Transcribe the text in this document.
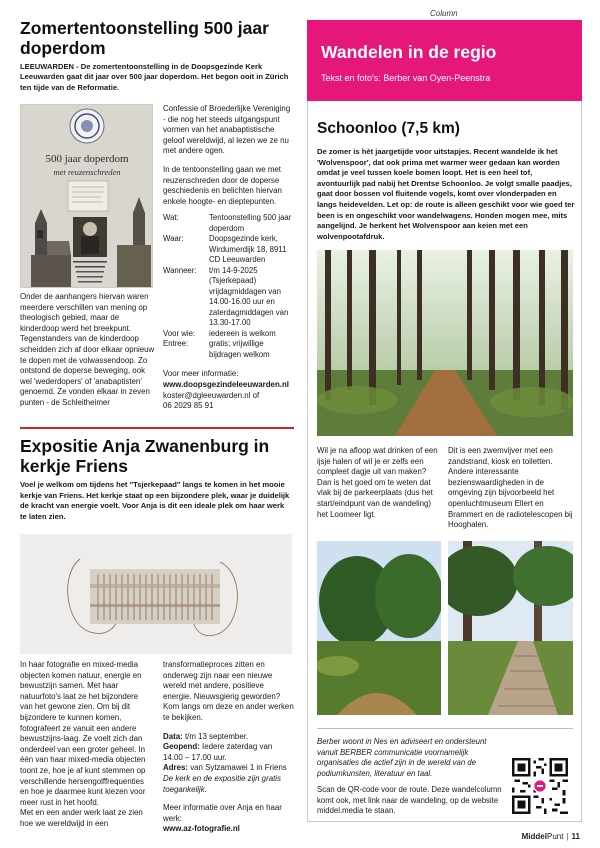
Column
Zomertentoonstelling 500 jaar doperdom
LEEUWARDEN - De zomertentoonstelling in de Doopsgezinde Kerk Leeuwarden gaat dit jaar over 500 jaar doperdom. Het begon ooit in Zürich ten tijde van de Reformatie.
500 jaar doperdom
met reuzenschreden

Onder de aanhangers hiervan waren meerdere verschillen van mening op theologisch gebied, maar de kinderdoop werd het breekpunt. Tegenstanders van de kinderdoop scheidden zich af door elkaar opnieuw te dopen met de volwassendoop. Zo ontstond de doperse beweging, ook wel 'wederdopers' of 'anabaptisten' genoemd. Ze vonden elkaar in zeven punten - de Schleitheimer

Confessie of Broederlijke Vereniging - die nog het steeds uitgangspunt vormen van het anabaptistische geloof wereldwijd, al lezen we ze nu met andere ogen.

In de tentoonstelling gaan we met reuzenschreden door de doperse geschiedenis en belichten hiervan enkele hoogte- en dieptepunten.

Wat:	Tentoonstelling 500 jaar doperdom
Waar:	Doopsgezinde kerk, Wirdumerdijk 18, 8911 CD Leeuwarden
Wanneer:	t/m 14-9-2025 (Tsjerkepaad) vrijdagmiddagen van 14.00-16.00 uur en zaterdagmiddagen van 13.30-17.00
Voor wie:	iedereen is welkom
Entree:	gratis; vrijwillige bijdragen welkom

Voor meer informatie:

www.doopsgezindeleeuwarden.nl

koster@dgleeuwarden.nl of

06 2029 85 91

Expositie Anja Zwanenburg in kerkje Friens
Voel je welkom om tijdens het "Tsjerkepaad" langs te komen in het mooie kerkje van Friens. Het kerkje staat op een bijzondere plek, waar je duidelijk de kracht van energie voelt. Voor Anja is dit een ideale plek om haar werk te laten zien.

In haar fotografie en mixed-media objecten komen natuur, energie en bewustzijn samen. Met haar natuurfoto's laat ze het bijzondere van het gewone zien. Om bij dit bijzondere te kunnen komen, fotografeert ze vanuit een andere bewustzijns-laag. Ze voelt zich dan onderdeel van een groter geheel. In één van haar mixed-media objecten toont ze, hoe je af kunt stemmen op verschillende hersengolffrequenties en hoe je daarmee kunt kiezen voor meer rust in het hoofd.

Met en een ander werk laat ze zien hoe we wereldwijd in een

transformatieproces zitten en onderweg zijn naar een nieuwe wereld met andere, positieve energie. Nieuwsgierig geworden? Kom langs om deze en ander werken te bekijken.

Data: t/m 13 september.

Geopend: Iedere zaterdag van 14.00 – 17.00 uur.

Adres: van Sytzamawei 1 in Friens

De kerk en de expositie zijn gratis toegankelijk.

Meer informatie over Anja en haar werk:

www.az-fotografie.nl

Wandelen in de regio
Tekst en foto's: Berber van Oyen-Peenstra
Schoonloo (7,5 km)
De zomer is hèt jaargetijde voor uitstapjes. Recent wandelde ik het 'Wolvenspoor', dat ook prima met warmer weer gedaan kan worden omdat je veel tussen koele bomen loopt. Het is een heel tof, avontuurlijk pad nabij het Drentse Schoonloo. Je volgt smalle paadjes, gaat door bossen vol fluitende vogels, komt over vlonderpaden en langs heidevelden. Let op: de route is alleen geschikt voor wie goed ter been is en ongeschikt voor wandelwagens. Honden mogen mee, mits aangelijnd. Je herkent het Wolvenspoor aan keien met een wolvenpootafdruk.

Wil je na afloop wat drinken of een ijsje halen of wil je er zelfs een compleet dagje uit van maken? Dan is het goed om te weten dat vlak bij de parkeerplaats (dus het start/eindpunt van de wandeling) het Loomeer ligt.

Dit is een zwemvijver met een zandstrand, kiosk en toiletten. Andere interessante bezienswaardigheden in de omgeving zijn bijvoorbeeld het openluchtmuseum Ellert en Brammert en de radiotelescopen bij Hooghalen.

Berber woont in Nes en adviseert en ondersteunt vanuit BERBER communicatie voornamelijk organisaties die actief zijn in de wereld van de podiumkunsten, literatuur en taal.
Scan de QR-code voor de route. Deze wandelcolumn komt ook, met link naar de wandeling, op de website middel.media te staan.
MiddelPunt | 11
